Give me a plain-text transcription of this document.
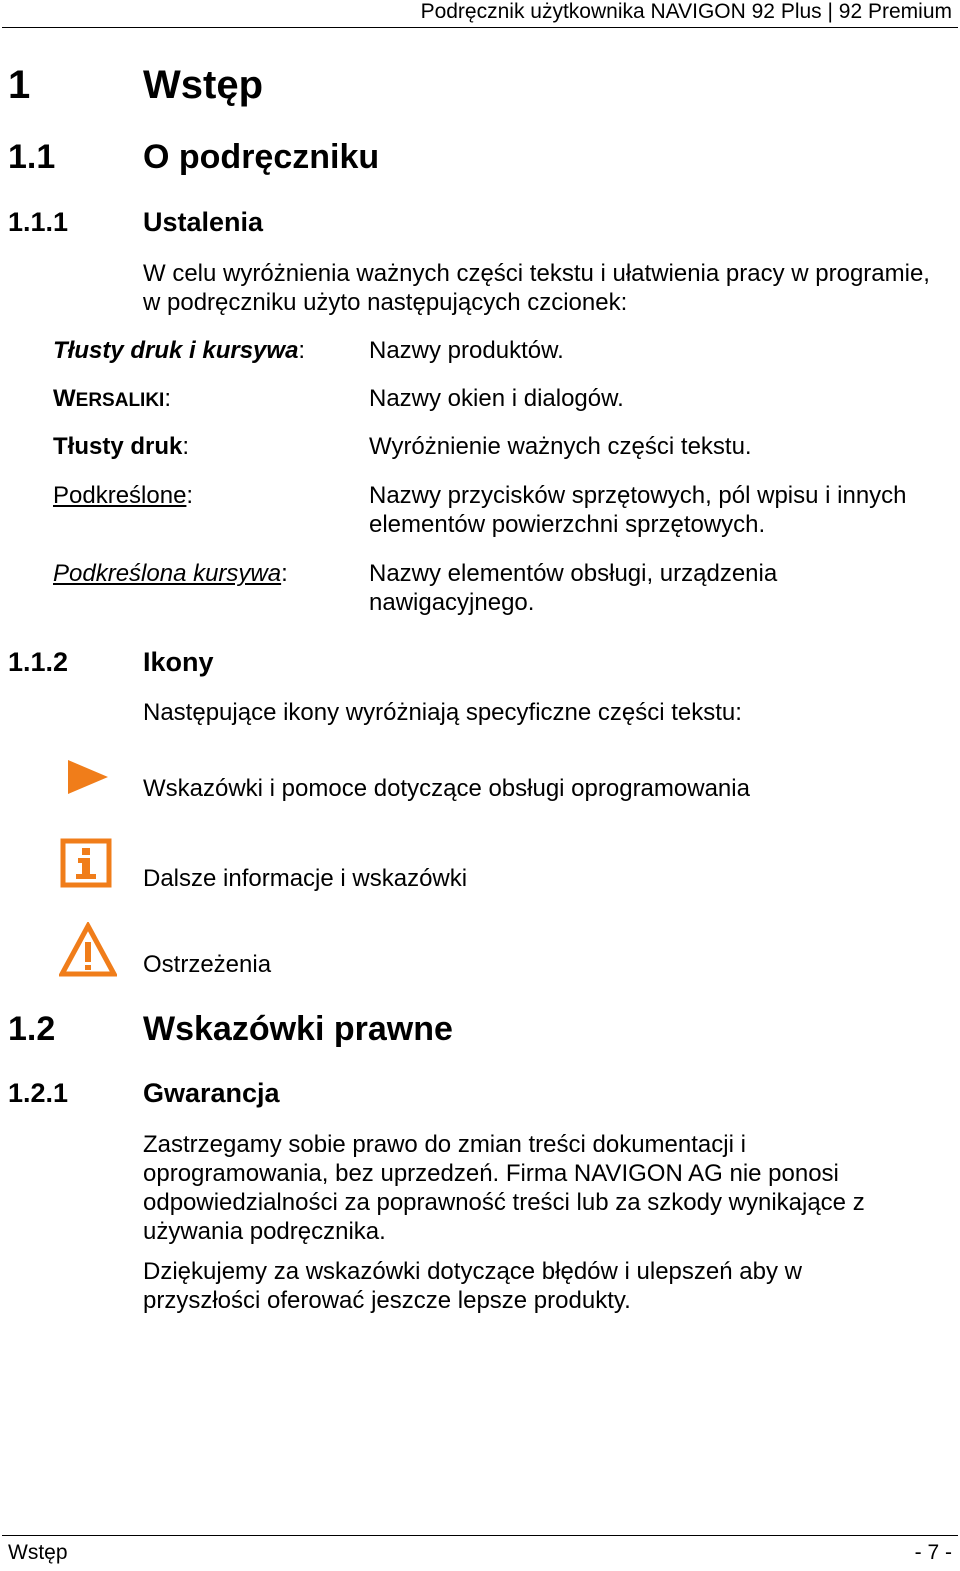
Podręcznik użytkownika NAVIGON 92 Plus | 92 Premium
1	Wstęp
1.1	O podręczniku
1.1.1	Ustalenia
W celu wyróżnienia ważnych części tekstu i ułatwienia pracy w programie, w podręczniku użyto następujących czcionek:
Tłusty druk i kursywa:	Nazwy produktów.
WERSALIKI:	Nazwy okien i dialogów.
Tłusty druk:	Wyróżnienie ważnych części tekstu.
Podkreślone:	Nazwy przycisków sprzętowych, pól wpisu i innych elementów powierzchni sprzętowych.
Podkreślona kursywa:	Nazwy elementów obsługi, urządzenia nawigacyjnego.
1.1.2	Ikony
Następujące ikony wyróżniają specyficzne części tekstu:
Wskazówki i pomoce dotyczące obsługi oprogramowania
Dalsze informacje i wskazówki
Ostrzeżenia
1.2	Wskazówki prawne
1.2.1	Gwarancja
Zastrzegamy sobie prawo do zmian treści dokumentacji i oprogramowania, bez uprzedzeń. Firma NAVIGON AG nie ponosi odpowiedzialności za poprawność treści lub za szkody wynikające z używania podręcznika.
Dziękujemy za wskazówki dotyczące błędów i ulepszeń aby w przyszłości oferować jeszcze lepsze produkty.
Wstęp	- 7 -
